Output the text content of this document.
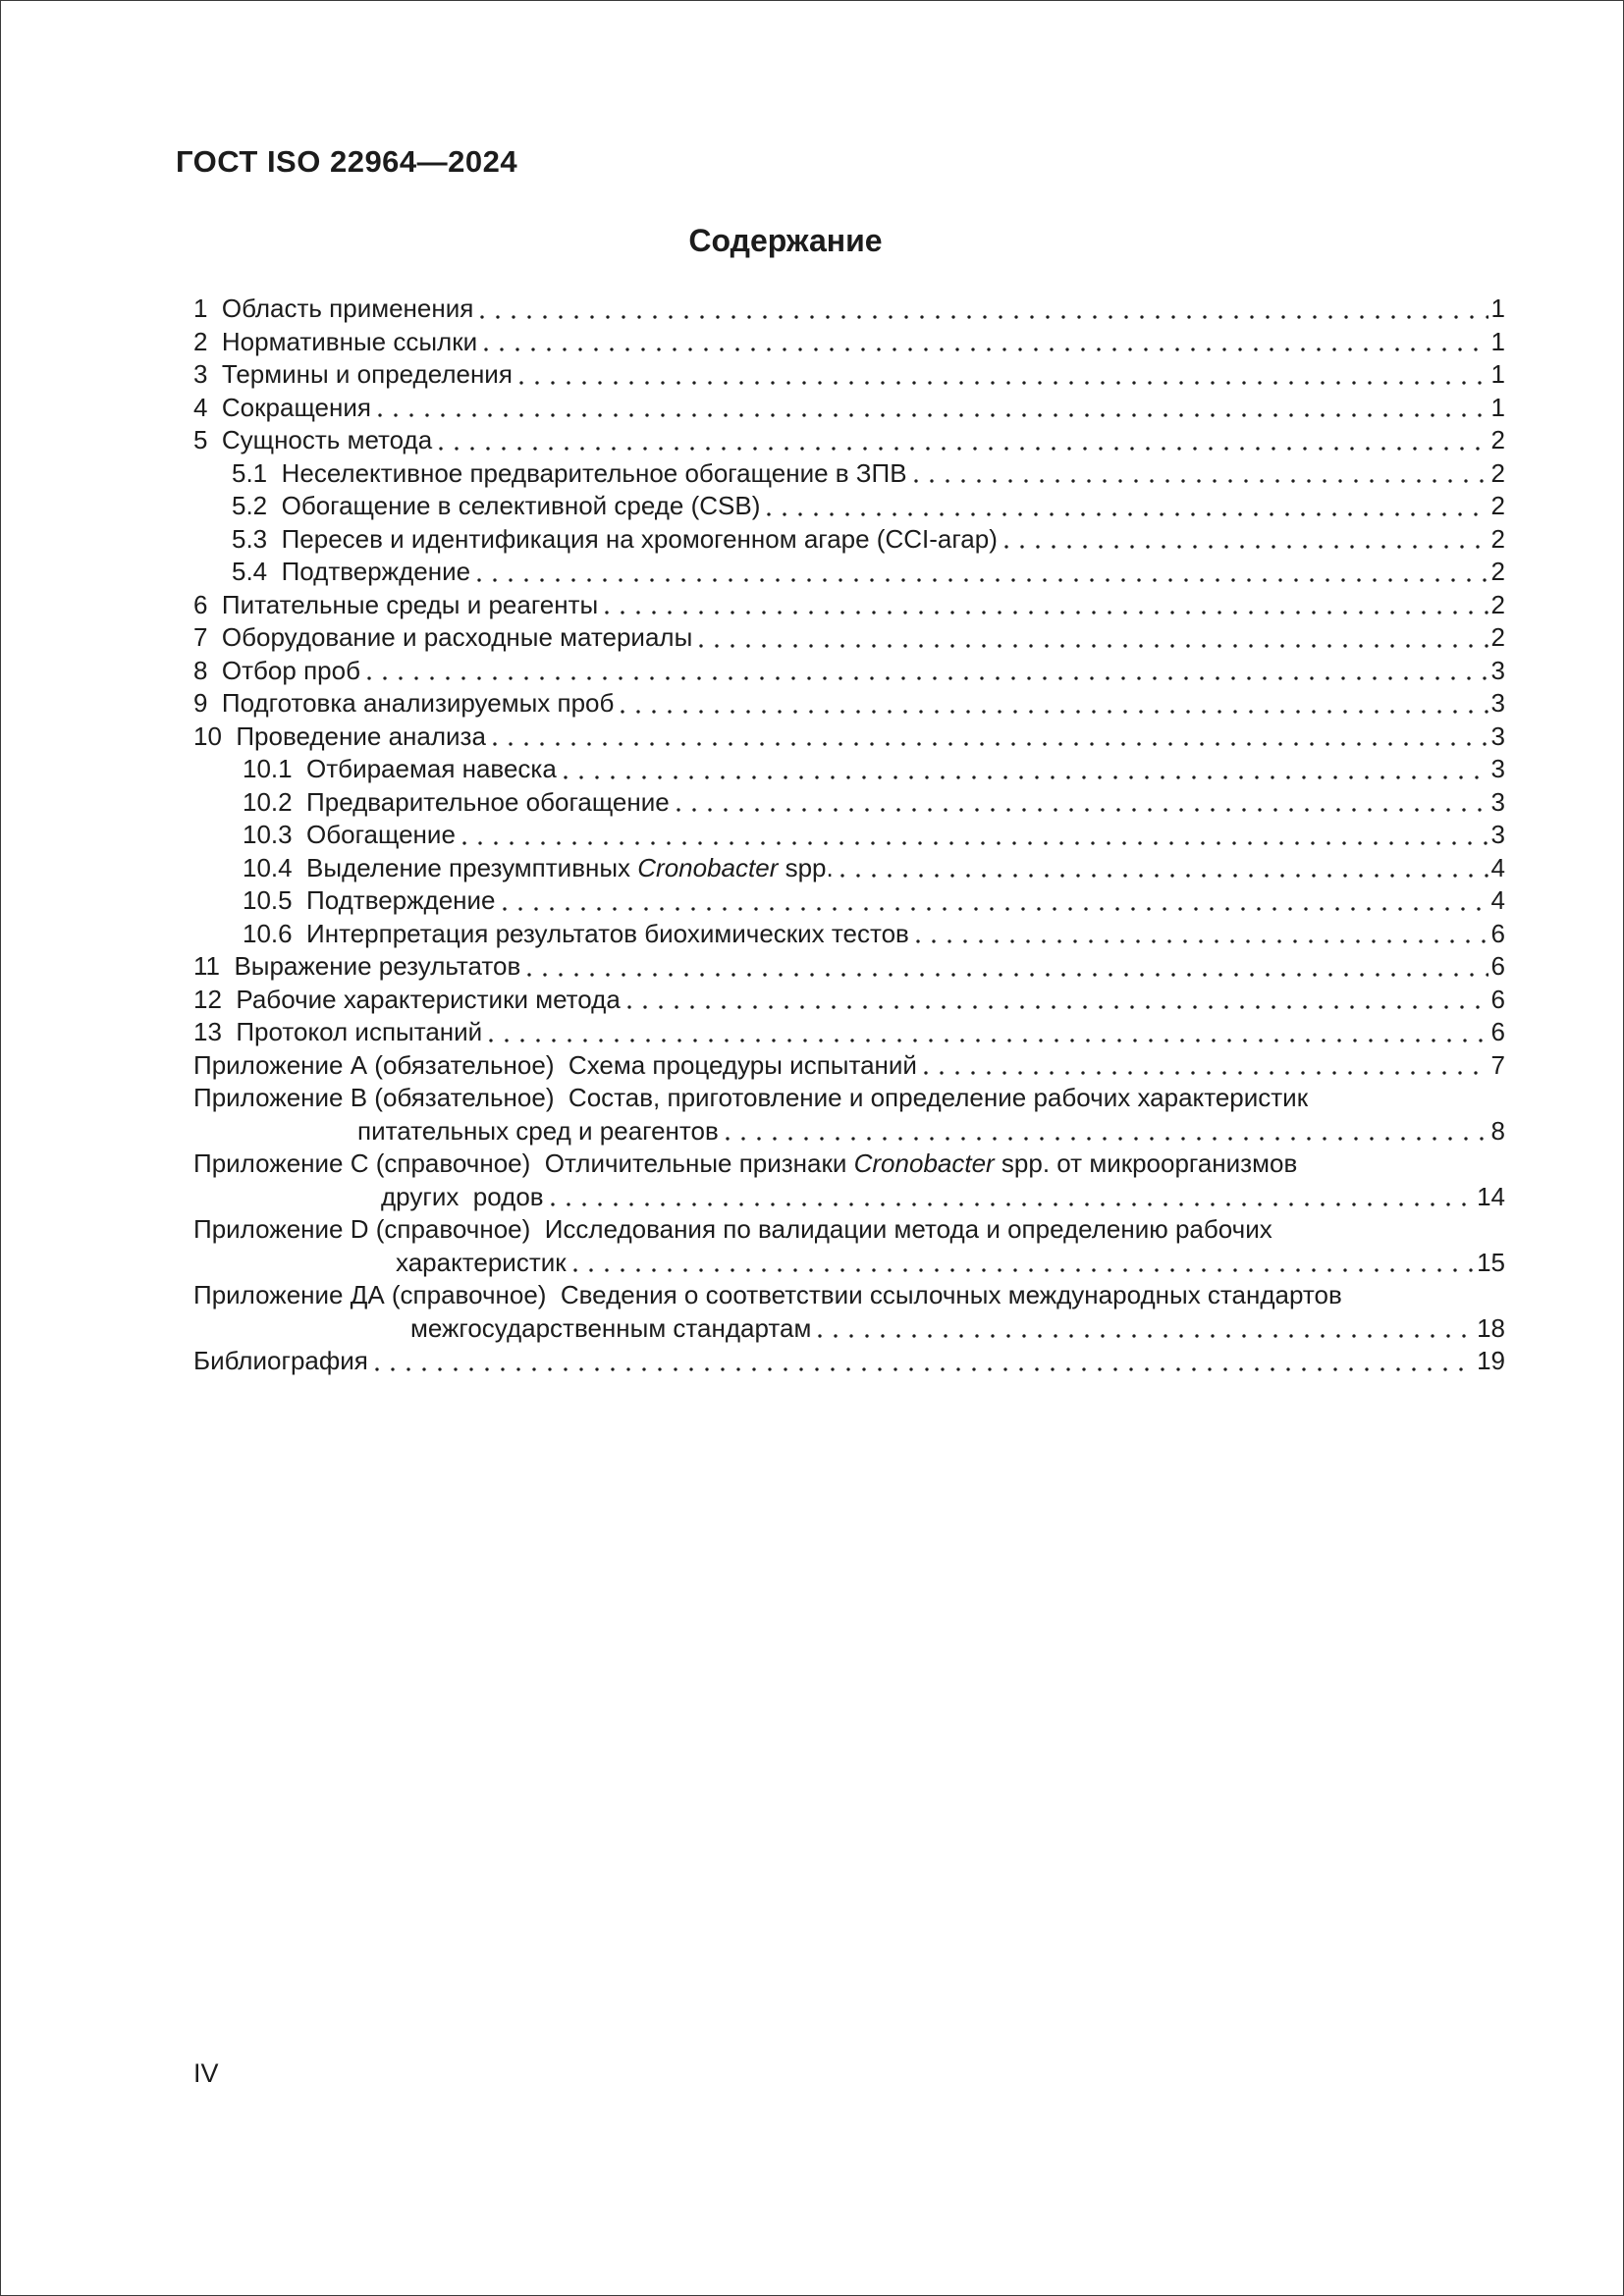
ГОСТ ISO 22964—2024
Содержание
1  Область применения	1
2  Нормативные ссылки	1
3  Термины и определения	1
4  Сокращения	1
5  Сущность метода	2
5.1  Неселективное предварительное обогащение в ЗПВ	2
5.2  Обогащение в селективной среде (CSB)	2
5.3  Пересев и идентификация на хромогенном агаре (CCI-агар)	2
5.4  Подтверждение	2
6  Питательные среды и реагенты	2
7  Оборудование и расходные материалы	2
8  Отбор проб	3
9  Подготовка анализируемых проб	3
10  Проведение анализа	3
10.1  Отбираемая навеска	3
10.2  Предварительное обогащение	3
10.3  Обогащение	3
10.4  Выделение презумптивных Cronobacter spp.	4
10.5  Подтверждение	4
10.6  Интерпретация результатов биохимических тестов	6
11  Выражение результатов	6
12  Рабочие характеристики метода	6
13  Протокол испытаний	6
Приложение А (обязательное)  Схема процедуры испытаний	7
Приложение В (обязательное)  Состав, приготовление и определение рабочих характеристик
питательных сред и реагентов	8
Приложение С (справочное)  Отличительные признаки Cronobacter spp. от микроорганизмов
других  родов	14
Приложение D (справочное)  Исследования по валидации метода и определению рабочих
характеристик	15
Приложение ДА (справочное)  Сведения о соответствии ссылочных международных стандартов
межгосударственным стандартам	18
Библиография	19
IV
